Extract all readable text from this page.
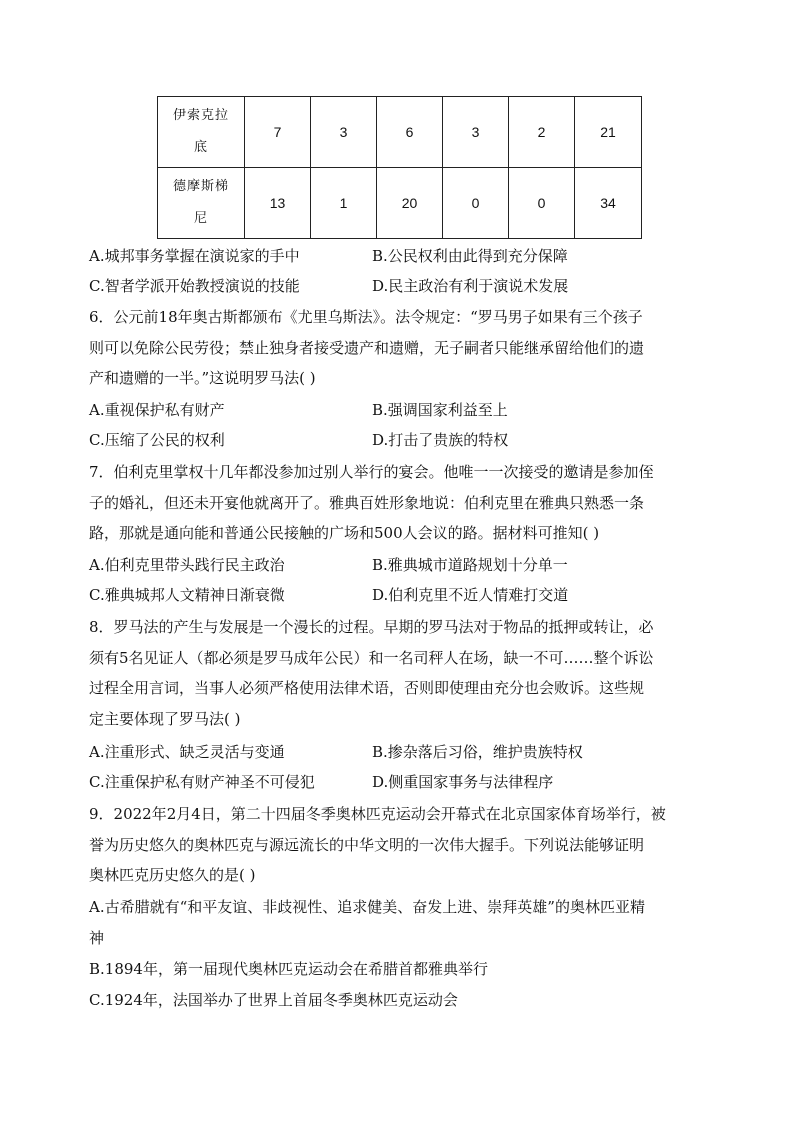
伊索克拉
底	7	3	6	3	2	21

德摩斯梯
尼	13	1	20	0	0	34
A.城邦事务掌握在演说家的手中	B.公民权利由此得到充分保障
C.智者学派开始教授演说的技能	D.民主政治有利于演说术发展
6．公元前18年奥古斯都颁布《尤里乌斯法》。法令规定：“罗马男子如果有三个孩子
则可以免除公民劳役；禁止独身者接受遗产和遗赠，无子嗣者只能继承留给他们的遗
产和遗赠的一半。”这说明罗马法( )
A.重视保护私有财产	B.强调国家利益至上
C.压缩了公民的权利	D.打击了贵族的特权
7．伯利克里掌权十几年都没参加过别人举行的宴会。他唯一一次接受的邀请是参加侄
子的婚礼，但还未开宴他就离开了。雅典百姓形象地说：伯利克里在雅典只熟悉一条
路，那就是通向能和普通公民接触的广场和500人会议的路。据材料可推知( )
A.伯利克里带头践行民主政治	B.雅典城市道路规划十分单一
C.雅典城邦人文精神日渐衰微	D.伯利克里不近人情难打交道
8．罗马法的产生与发展是一个漫长的过程。早期的罗马法对于物品的抵押或转让，必
须有5名见证人（都必须是罗马成年公民）和一名司秤人在场，缺一不可……整个诉讼
过程全用言词，当事人必须严格使用法律术语，否则即使理由充分也会败诉。这些规
定主要体现了罗马法( )
A.注重形式、缺乏灵活与变通	B.掺杂落后习俗，维护贵族特权
C.注重保护私有财产神圣不可侵犯	D.侧重国家事务与法律程序
9．2022年2月4日，第二十四届冬季奥林匹克运动会开幕式在北京国家体育场举行，被
誉为历史悠久的奥林匹克与源远流长的中华文明的一次伟大握手。下列说法能够证明
奥林匹克历史悠久的是( )
A.古希腊就有“和平友谊、非歧视性、追求健美、奋发上进、崇拜英雄”的奥林匹亚精
神
B.1894年，第一届现代奥林匹克运动会在希腊首都雅典举行
C.1924年，法国举办了世界上首届冬季奥林匹克运动会
